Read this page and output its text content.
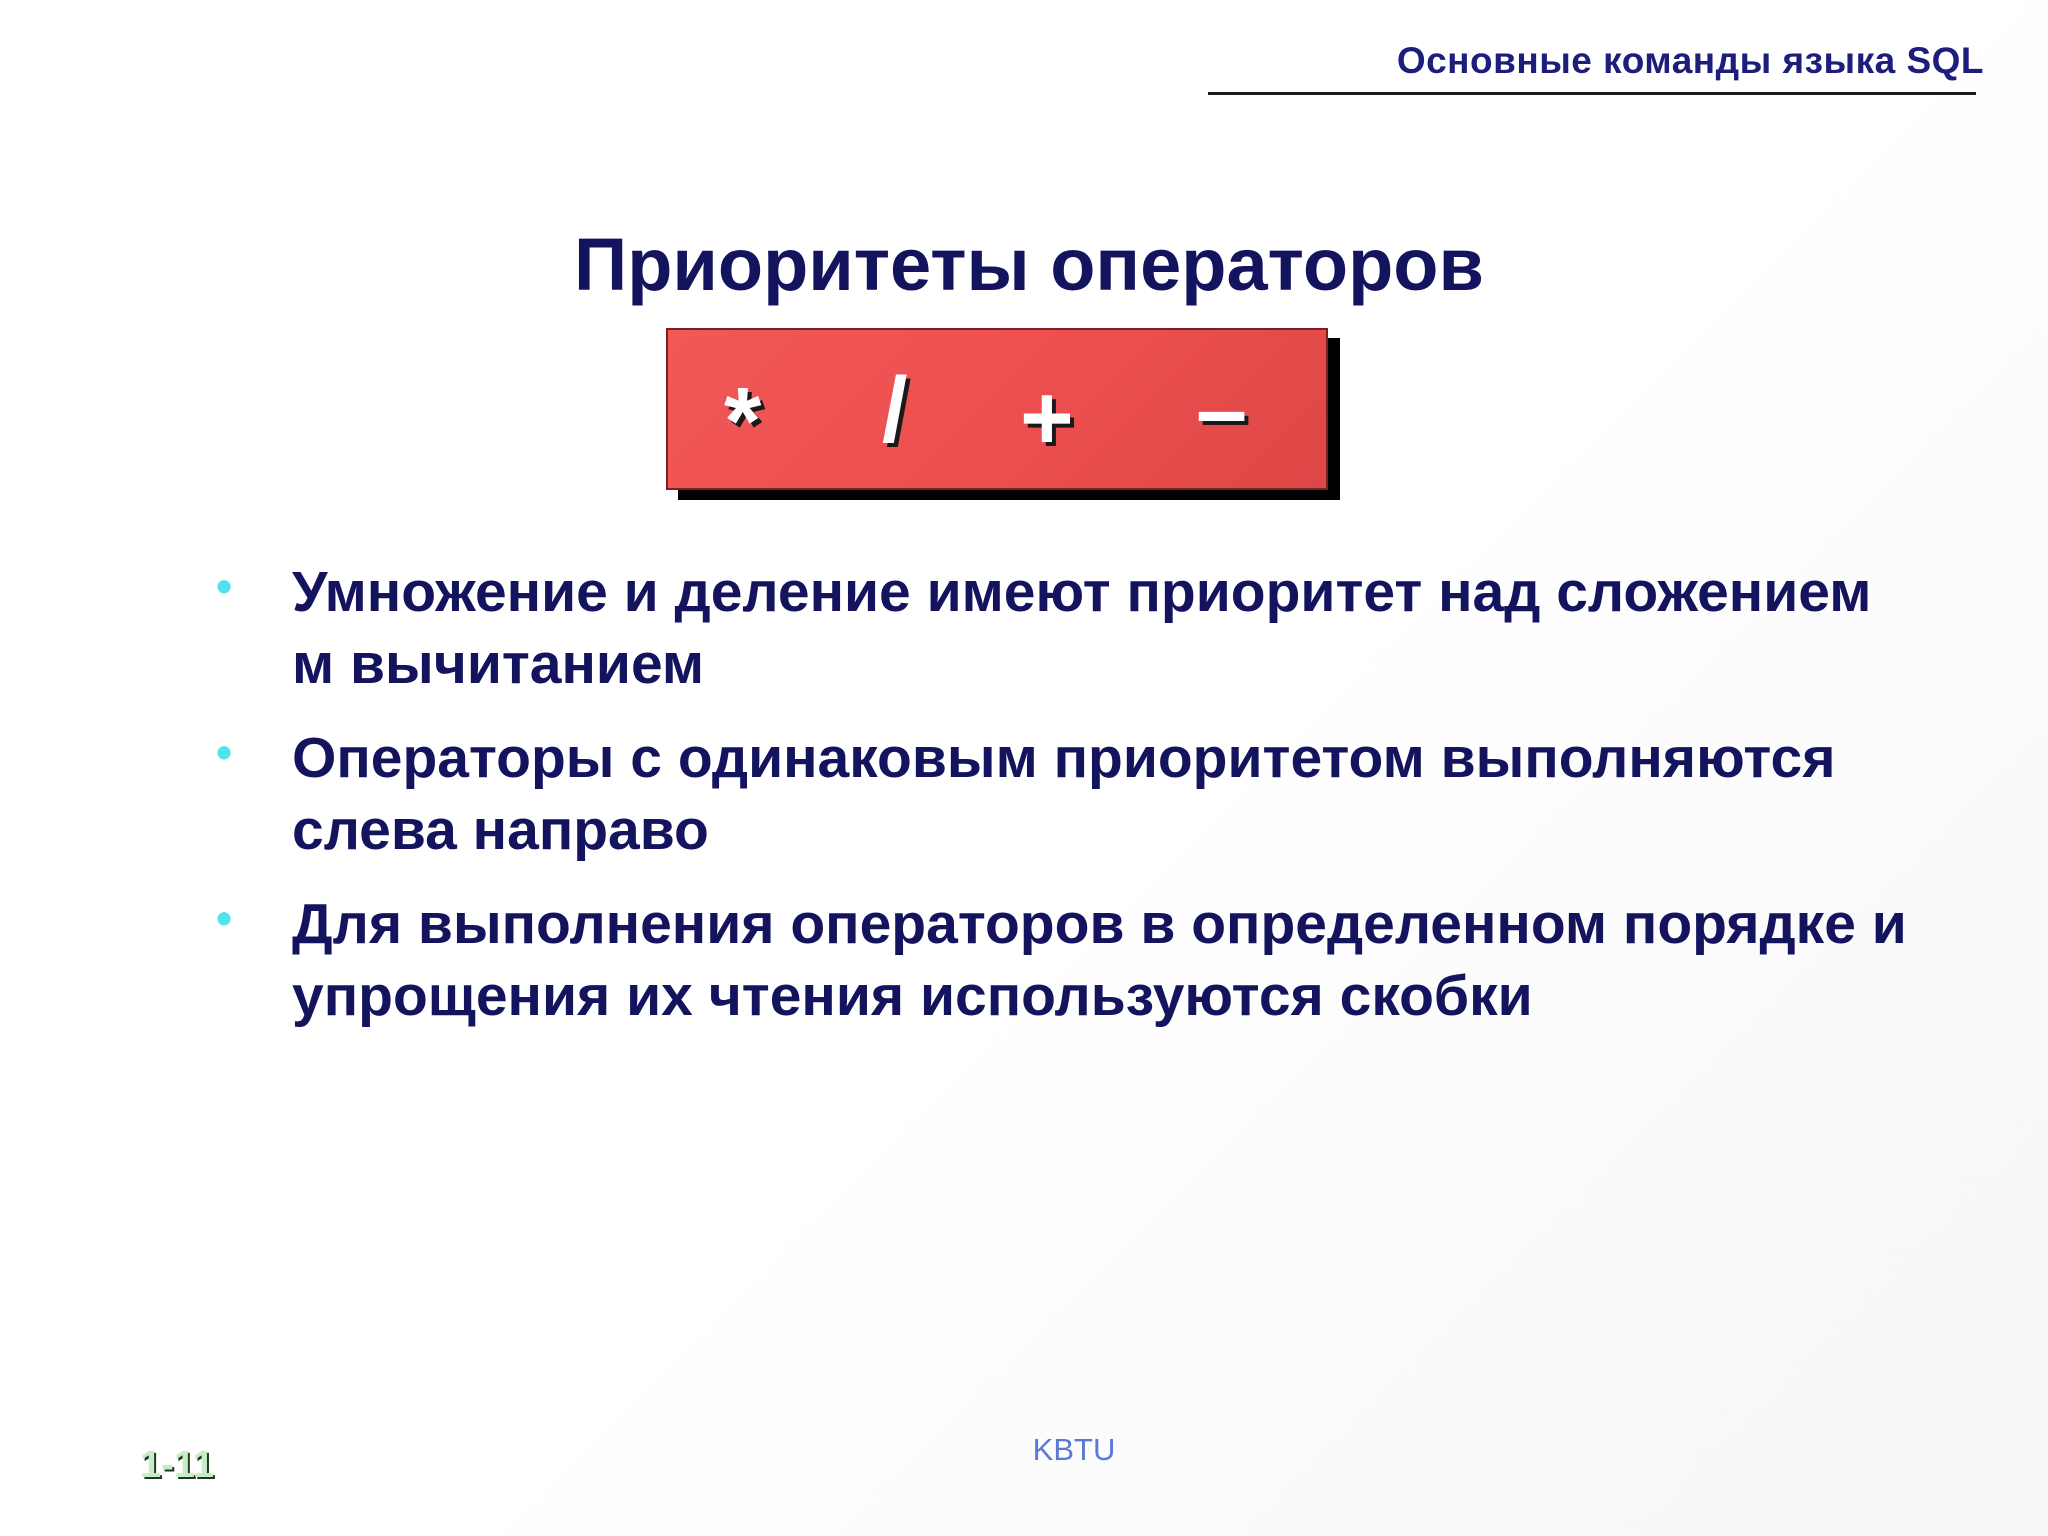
Основные команды языка SQL
Приоритеты операторов
* / + –
• Умножение и деление имеют приоритет над сложением м вычитанием
• Операторы с одинаковым приоритетом выполняются слева направо
• Для выполнения операторов в определенном порядке и упрощения их чтения используются скобки
KBTU
1-11
